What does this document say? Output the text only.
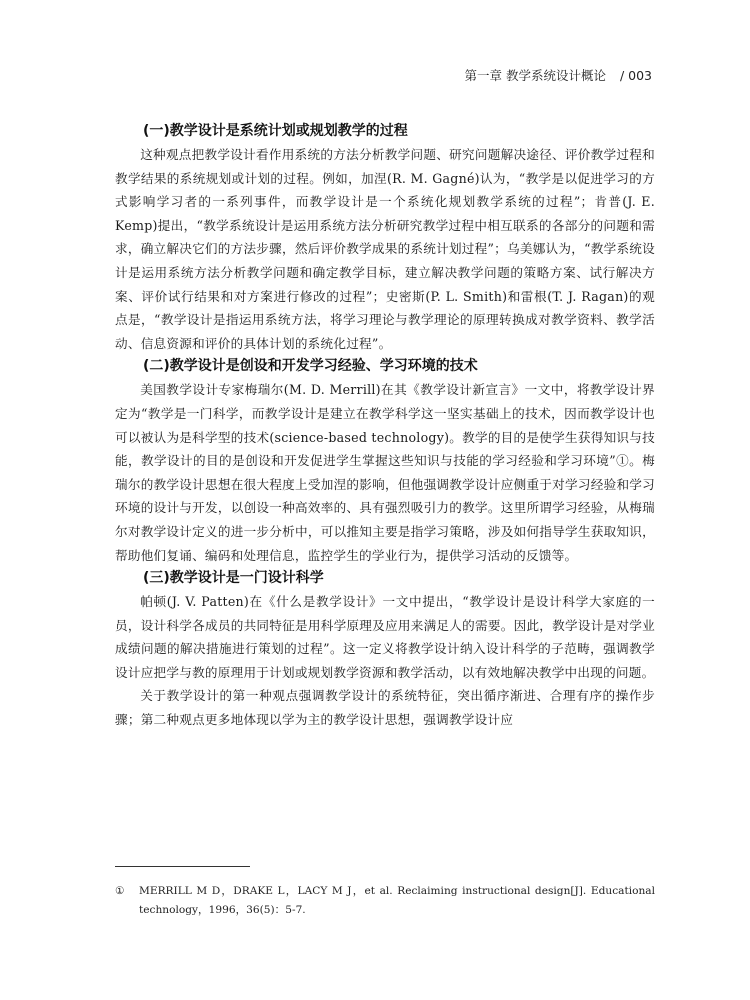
第一章 教学系统设计概论 / 003

(一)教学设计是系统计划或规划教学的过程

这种观点把教学设计看作用系统的方法分析教学问题、研究问题解决途径、评价教学过程和教学结果的系统规划或计划的过程。例如，加涅(R. M. Gagné)认为，“教学是以促进学习的方式影响学习者的一系列事件，而教学设计是一个系统化规划教学系统的过程”；肯普(J. E. Kemp)提出，“教学系统设计是运用系统方法分析研究教学过程中相互联系的各部分的问题和需求，确立解决它们的方法步骤，然后评价教学成果的系统计划过程”；乌美娜认为，“教学系统设计是运用系统方法分析教学问题和确定教学目标，建立解决教学问题的策略方案、试行解决方案、评价试行结果和对方案进行修改的过程”；史密斯(P. L. Smith)和雷根(T. J. Ragan)的观点是，“教学设计是指运用系统方法，将学习理论与教学理论的原理转换成对教学资料、教学活动、信息资源和评价的具体计划的系统化过程”。

(二)教学设计是创设和开发学习经验、学习环境的技术

美国教学设计专家梅瑞尔(M. D. Merrill)在其《教学设计新宣言》一文中，将教学设计界定为“教学是一门科学，而教学设计是建立在教学科学这一坚实基础上的技术，因而教学设计也可以被认为是科学型的技术(science-based technology)。教学的目的是使学生获得知识与技能，教学设计的目的是创设和开发促进学生掌握这些知识与技能的学习经验和学习环境”①。梅瑞尔的教学设计思想在很大程度上受加涅的影响，但他强调教学设计应侧重于对学习经验和学习环境的设计与开发，以创设一种高效率的、具有强烈吸引力的教学。这里所谓学习经验，从梅瑞尔对教学设计定义的进一步分析中，可以推知主要是指学习策略，涉及如何指导学生获取知识，帮助他们复诵、编码和处理信息，监控学生的学业行为，提供学习活动的反馈等。

(三)教学设计是一门设计科学

帕顿(J. V. Patten)在《什么是教学设计》一文中提出，“教学设计是设计科学大家庭的一员，设计科学各成员的共同特征是用科学原理及应用来满足人的需要。因此，教学设计是对学业成绩问题的解决措施进行策划的过程”。这一定义将教学设计纳入设计科学的子范畴，强调教学设计应把学与教的原理用于计划或规划教学资源和教学活动，以有效地解决教学中出现的问题。

关于教学设计的第一种观点强调教学设计的系统特征，突出循序渐进、合理有序的操作步骤；第二种观点更多地体现以学为主的教学设计思想，强调教学设计应

①	MERRILL M D，DRAKE L，LACY M J，et al. Reclaiming instructional design[J]. Educational technology，1996，36(5)：5-7.
